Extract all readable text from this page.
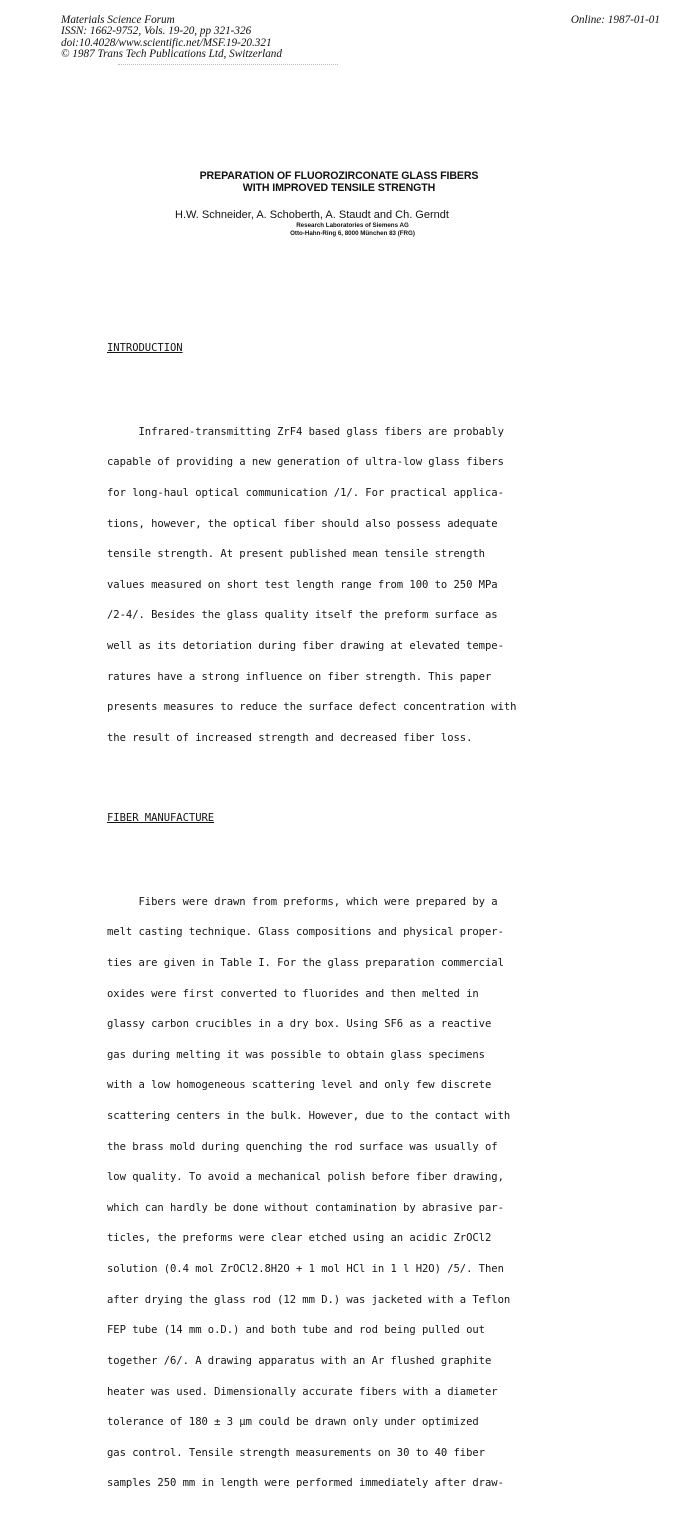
Materials Science Forum
ISSN: 1662-9752, Vols. 19-20, pp 321-326
doi:10.4028/www.scientific.net/MSF.19-20.321
© 1987 Trans Tech Publications Ltd, Switzerland
Online: 1987-01-01
PREPARATION OF FLUOROZIRCONATE GLASS FIBERS
WITH IMPROVED TENSILE STRENGTH
H.W. Schneider, A. Schoberth, A. Staudt and Ch. Gerndt
Research Laboratories of Siemens AG
Otto-Hahn-Ring 6, 8000 München 83 (FRG)

INTRODUCTION

Infrared-transmitting ZrF4 based glass fibers are probably

capable of providing a new generation of ultra-low glass fibers

for long-haul optical communication /1/. For practical applica-

tions, however, the optical fiber should also possess adequate

tensile strength. At present published mean tensile strength

values measured on short test length range from 100 to 250 MPa

/2-4/. Besides the glass quality itself the preform surface as

well as its detoriation during fiber drawing at elevated tempe-

ratures have a strong influence on fiber strength. This paper

presents measures to reduce the surface defect concentration with

the result of increased strength and decreased fiber loss.

FIBER MANUFACTURE

Fibers were drawn from preforms, which were prepared by a

melt casting technique. Glass compositions and physical proper-

ties are given in Table I. For the glass preparation commercial

oxides were first converted to fluorides and then melted in

glassy carbon crucibles in a dry box. Using SF6 as a reactive

gas during melting it was possible to obtain glass specimens

with a low homogeneous scattering level and only few discrete

scattering centers in the bulk. However, due to the contact with

the brass mold during quenching the rod surface was usually of

low quality. To avoid a mechanical polish before fiber drawing,

which can hardly be done without contamination by abrasive par-

ticles, the preforms were clear etched using an acidic ZrOCl2

solution (0.4 mol ZrOCl2.8H2O + 1 mol HCl in 1 l H2O) /5/. Then

after drying the glass rod (12 mm D.) was jacketed with a Teflon

FEP tube (14 mm o.D.) and both tube and rod being pulled out

together /6/. A drawing apparatus with an Ar flushed graphite

heater was used. Dimensionally accurate fibers with a diameter

tolerance of 180 ± 3 µm could be drawn only under optimized

gas control. Tensile strength measurements on 30 to 40 fiber

samples 250 mm in length were performed immediately after draw-
